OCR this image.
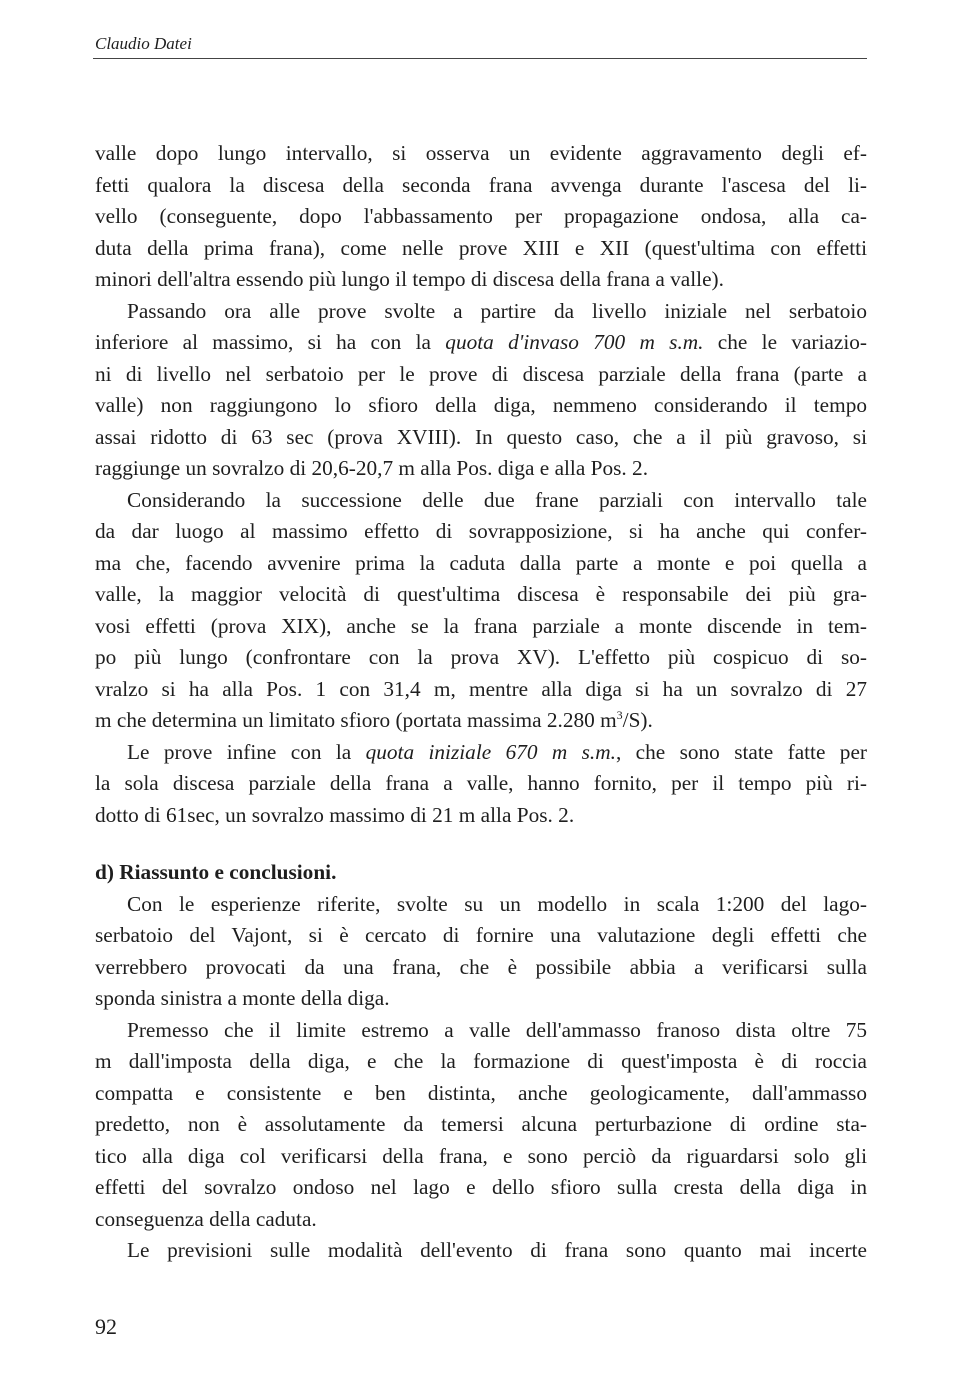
Claudio Datei

valle dopo lungo intervallo, si osserva un evidente aggravamento degli ef-
fetti qualora la discesa della seconda frana avvenga durante l'ascesa del li-
vello (conseguente, dopo l'abbassamento per propagazione ondosa, alla ca-
duta della prima frana), come nelle prove XIII e XII (quest'ultima con effetti
minori dell'altra essendo più lungo il tempo di discesa della frana a valle).

Passando ora alle prove svolte a partire da livello iniziale nel serbatoio
inferiore al massimo, si ha con la quota d'invaso 700 m s.m. che le variazio-
ni di livello nel serbatoio per le prove di discesa parziale della frana (parte a
valle) non raggiungono lo sfioro della diga, nemmeno considerando il tempo
assai ridotto di 63 sec (prova XVIII). In questo caso, che a il più gravoso, si
raggiunge un sovralzo di 20,6-20,7 m alla Pos. diga e alla Pos. 2.

Considerando la successione delle due frane parziali con intervallo tale
da dar luogo al massimo effetto di sovrapposizione, si ha anche qui confer-
ma che, facendo avvenire prima la caduta dalla parte a monte e poi quella a
valle, la maggior velocità di quest'ultima discesa è responsabile dei più gra-
vosi effetti (prova XIX), anche se la frana parziale a monte discende in tem-
po più lungo (confrontare con la prova XV). L'effetto più cospicuo di so-
vralzo si ha alla Pos. 1 con 31,4 m, mentre alla diga si ha un sovralzo di 27
m che determina un limitato sfioro (portata massima 2.280 $m^3/S$).

Le prove infine con la quota iniziale 670 m s.m., che sono state fatte per
la sola discesa parziale della frana a valle, hanno fornito, per il tempo più ri-
dotto di 61sec, un sovralzo massimo di 21 m alla Pos. 2.

d) Riassunto e conclusioni.

Con le esperienze riferite, svolte su un modello in scala 1:200 del lago-
serbatoio del Vajont, si è cercato di fornire una valutazione degli effetti che
verrebbero provocati da una frana, che è possibile abbia a verificarsi sulla
sponda sinistra a monte della diga.

Premesso che il limite estremo a valle dell'ammasso franoso dista oltre 75
m dall'imposta della diga, e che la formazione di quest'imposta è di roccia
compatta e consistente e ben distinta, anche geologicamente, dall'ammasso
predetto, non è assolutamente da temersi alcuna perturbazione di ordine sta-
tico alla diga col verificarsi della frana, e sono perciò da riguardarsi solo gli
effetti del sovralzo ondoso nel lago e dello sfioro sulla cresta della diga in
conseguenza della caduta.

Le previsioni sulle modalità dell'evento di frana sono quanto mai incerte

92
